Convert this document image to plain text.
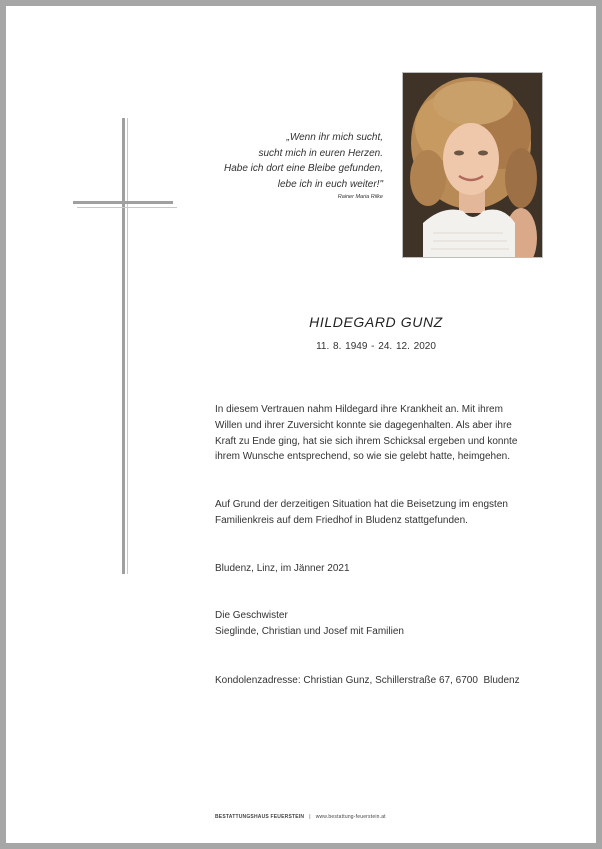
„Wenn ihr mich sucht,
sucht mich in euren Herzen.
Habe ich dort eine Bleibe gefunden,
lebe ich in euch weiter!"
Rainer Maria Rilke
HILDEGARD GUNZ
11. 8. 1949 - 24. 12. 2020
In diesem Vertrauen nahm Hildegard ihre Krankheit an. Mit ihrem
Willen und ihrer Zuversicht konnte sie dagegenhalten. Als aber ihre
Kraft zu Ende ging, hat sie sich ihrem Schicksal ergeben und konnte
ihrem Wunsche entsprechend, so wie sie gelebt hatte, heimgehen.
Auf Grund der derzeitigen Situation hat die Beisetzung im engsten
Familienkreis auf dem Friedhof in Bludenz stattgefunden.
Bludenz, Linz, im Jänner 2021
Die Geschwister
Sieglinde, Christian und Josef mit Familien
Kondolenzadresse: Christian Gunz, Schillerstraße 67, 6700  Bludenz
BESTATTUNGSHAUS FEUERSTEIN | www.bestattung-feuerstein.at
